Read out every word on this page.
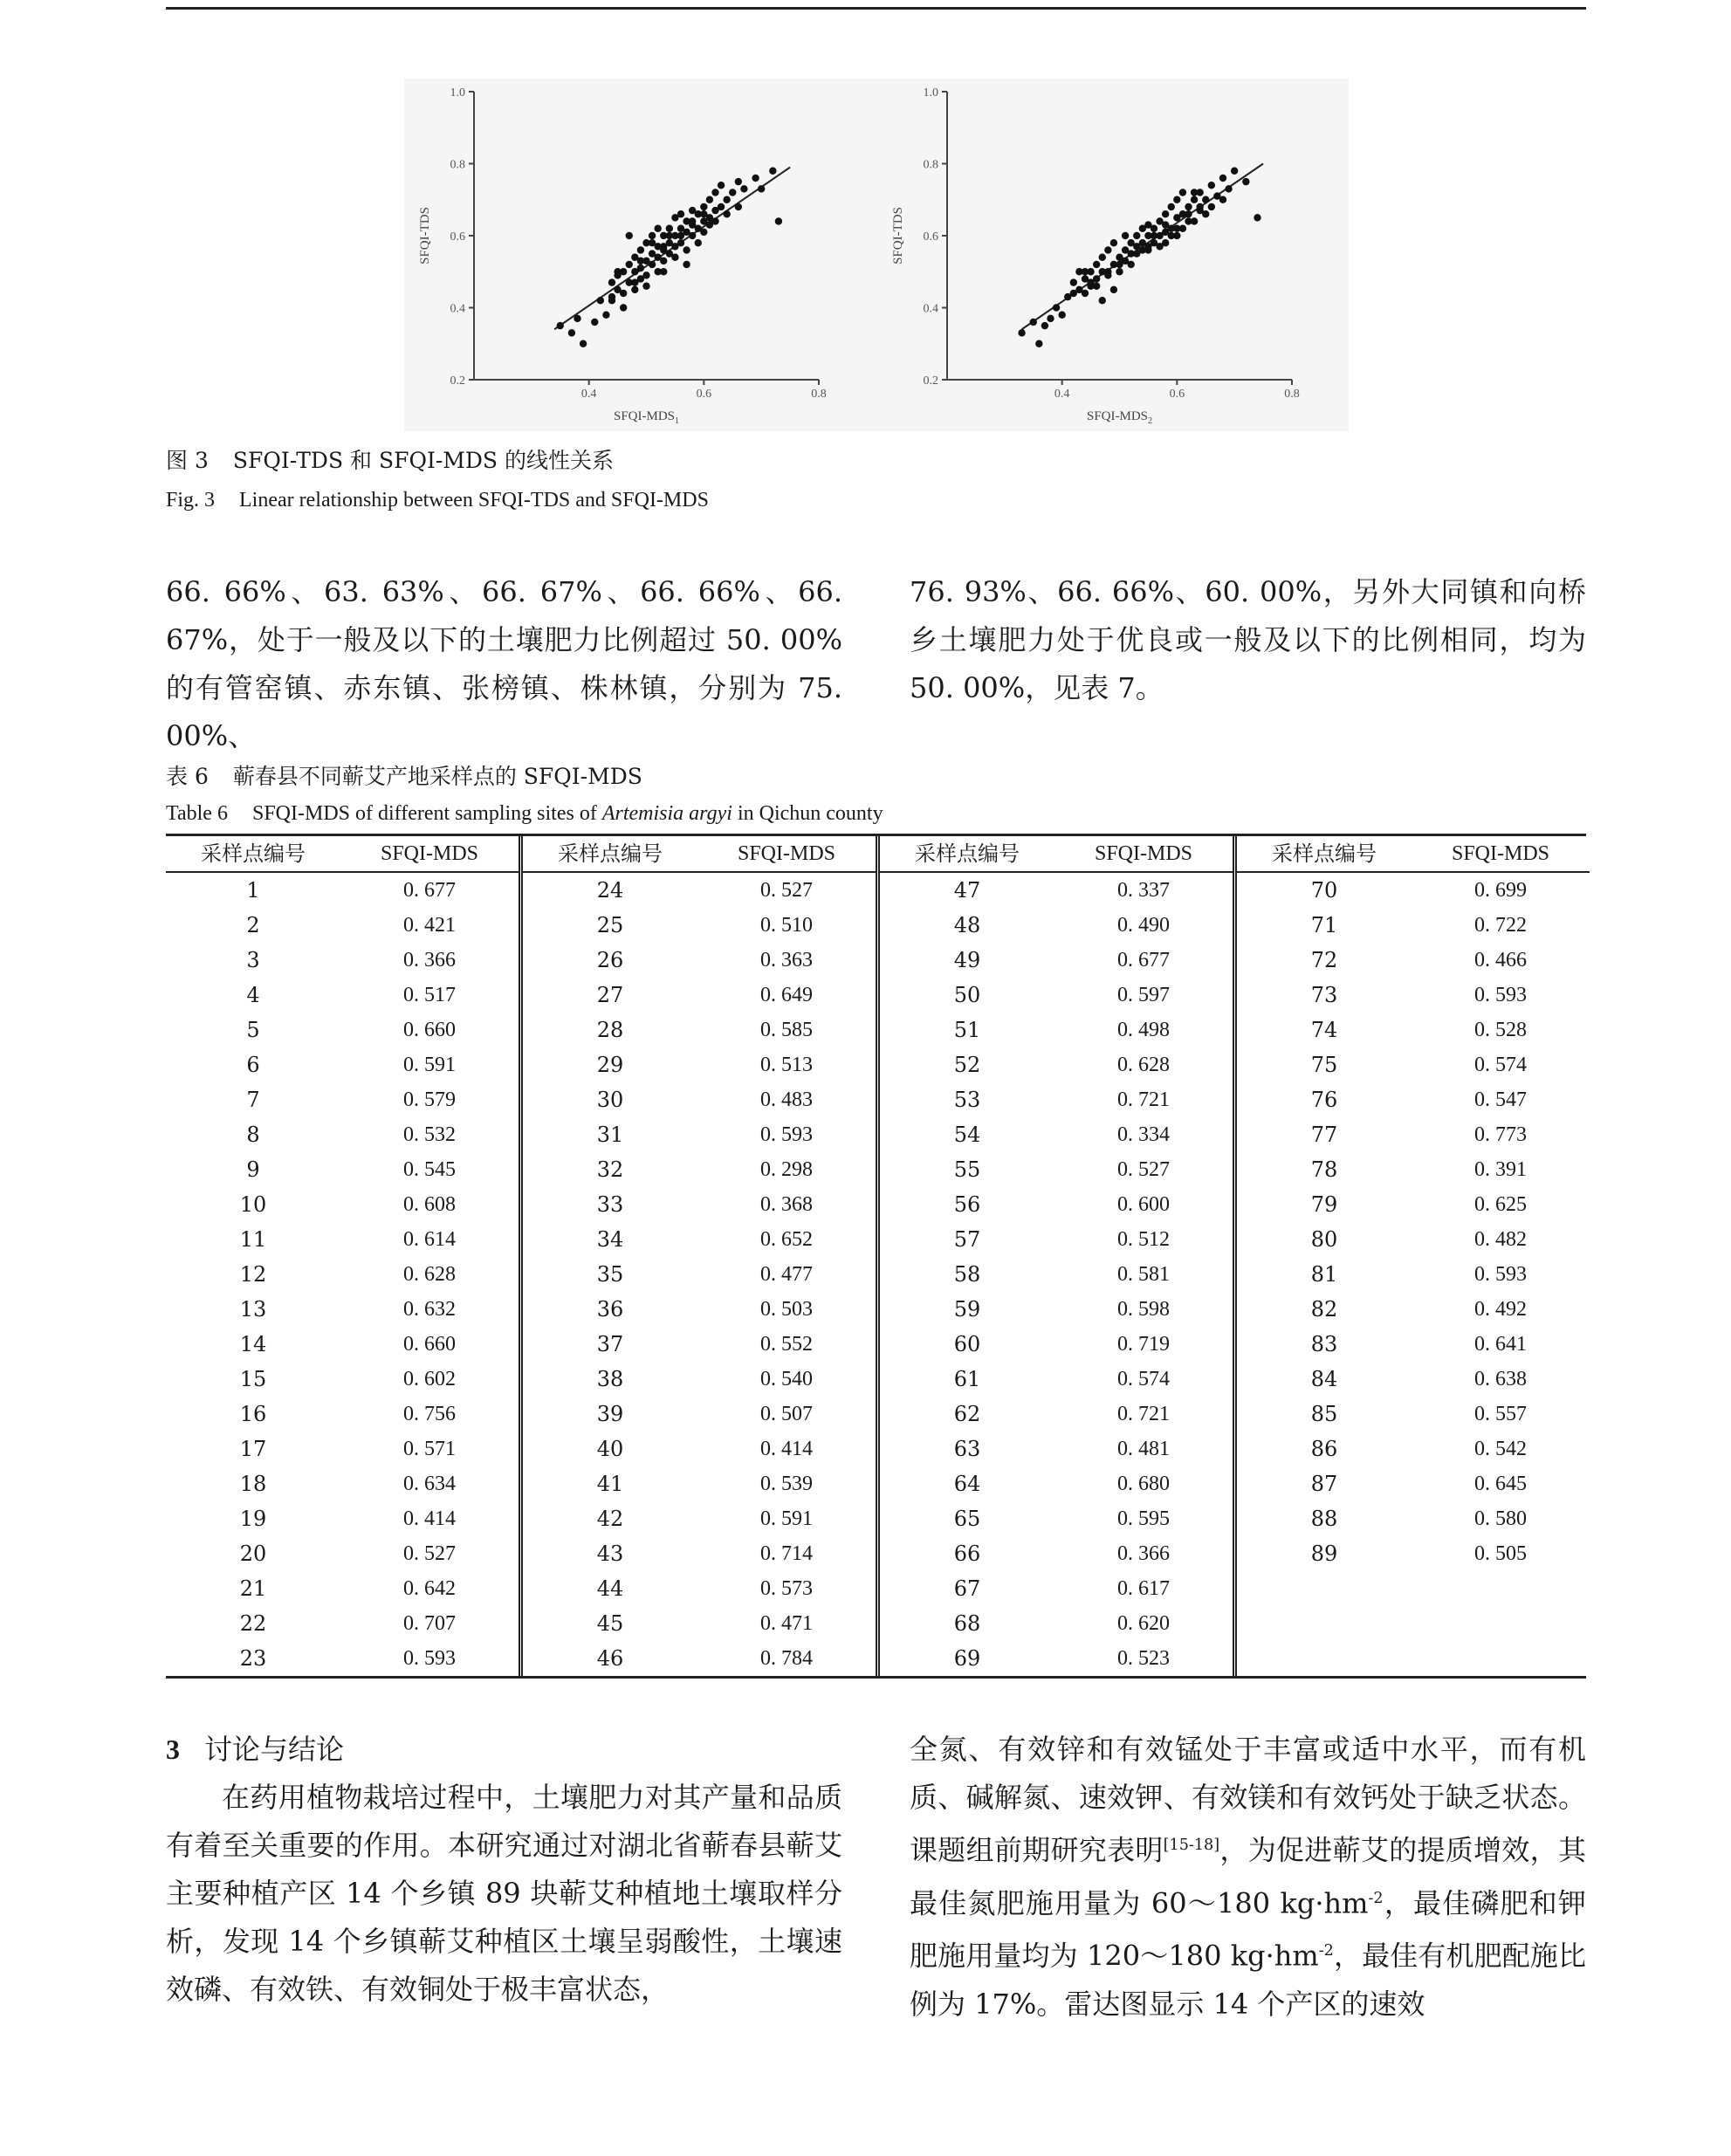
0.2
0.4
0.6
0.8
1.0
0.4	0.6	0.8
SFQI-$MDS_1$
SFQI-TDS
0.2
0.4
0.6
0.8
1.0
0.4	0.6	0.8
SFQI-$MDS_2$
SFQI-TDS
图 3 SFQI-TDS 和 SFQI-MDS 的线性关系
Fig. 3 Linear relationship between SFQI-TDS and SFQI-MDS

66. 66%、63. 63%、66. 67%、66. 66%、66. 67%，处于一般及以下的土壤肥力比例超过 50. 00% 的有管窑镇、赤东镇、张榜镇、株林镇，分别为 75. 00%、

76. 93%、66. 66%、60. 00%，另外大同镇和向桥乡土壤肥力处于优良或一般及以下的比例相同，均为 50. 00%，见表 7。

表 6 蕲春县不同蕲艾产地采样点的 SFQI-MDS
Table 6 SFQI-MDS of different sampling sites of Artemisia argyi in Qichun county
采样点编号	SFQI-MDS
1	0. 677
2	0. 421
3	0. 366
4	0. 517
5	0. 660
6	0. 591
7	0. 579
8	0. 532
9	0. 545
10	0. 608
11	0. 614
12	0. 628
13	0. 632
14	0. 660
15	0. 602
16	0. 756
17	0. 571
18	0. 634
19	0. 414
20	0. 527
21	0. 642
22	0. 707
23	0. 593
采样点编号	SFQI-MDS
24	0. 527
25	0. 510
26	0. 363
27	0. 649
28	0. 585
29	0. 513
30	0. 483
31	0. 593
32	0. 298
33	0. 368
34	0. 652
35	0. 477
36	0. 503
37	0. 552
38	0. 540
39	0. 507
40	0. 414
41	0. 539
42	0. 591
43	0. 714
44	0. 573
45	0. 471
46	0. 784
采样点编号	SFQI-MDS
47	0. 337
48	0. 490
49	0. 677
50	0. 597
51	0. 498
52	0. 628
53	0. 721
54	0. 334
55	0. 527
56	0. 600
57	0. 512
58	0. 581
59	0. 598
60	0. 719
61	0. 574
62	0. 721
63	0. 481
64	0. 680
65	0. 595
66	0. 366
67	0. 617
68	0. 620
69	0. 523
采样点编号	SFQI-MDS
70	0. 699
71	0. 722
72	0. 466
73	0. 593
74	0. 528
75	0. 574
76	0. 547
77	0. 773
78	0. 391
79	0. 625
80	0. 482
81	0. 593
82	0. 492
83	0. 641
84	0. 638
85	0. 557
86	0. 542
87	0. 645
88	0. 580
89	0. 505
3 讨论与结论

在药用植物栽培过程中，土壤肥力对其产量和品质有着至关重要的作用。本研究通过对湖北省蕲春县蕲艾主要种植产区 14 个乡镇 89 块蕲艾种植地土壤取样分析，发现 14 个乡镇蕲艾种植区土壤呈弱酸性，土壤速效磷、有效铁、有效铜处于极丰富状态，

全氮、有效锌和有效锰处于丰富或适中水平，而有机质、碱解氮、速效钾、有效镁和有效钙处于缺乏状态。课题组前期研究表明[15-18]，为促进蕲艾的提质增效，其最佳氮肥施用量为 60～180 $kg\cdot hm^{-2}$，最佳磷肥和钾肥施用量均为 120～180 $kg\cdot hm^{-2}$，最佳有机肥配施比例为 17%。雷达图显示 14 个产区的速效
